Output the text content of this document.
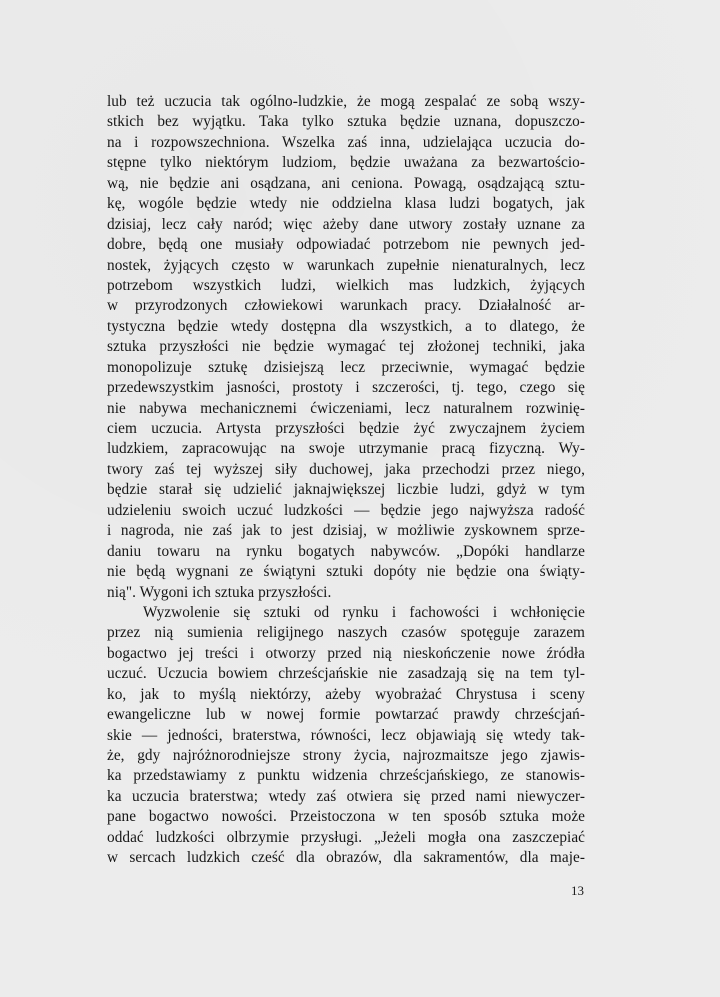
lub też uczucia tak ogólno-ludzkie, że mogą zespalać ze sobą wszy-
stkich bez wyjątku. Taka tylko sztuka będzie uznana, dopuszczo-
na i rozpowszechniona. Wszelka zaś inna, udzielająca uczucia do-
stępne tylko niektórym ludziom, będzie uważana za bezwartościo-
wą, nie będzie ani osądzana, ani ceniona. Powagą, osądzającą sztu-
kę, wogóle będzie wtedy nie oddzielna klasa ludzi bogatych, jak
dzisiaj, lecz cały naród; więc ażeby dane utwory zostały uznane za
dobre, będą one musiały odpowiadać potrzebom nie pewnych jed-
nostek, żyjących często w warunkach zupełnie nienaturalnych, lecz
potrzebom wszystkich ludzi, wielkich mas ludzkich, żyjących
w przyrodzonych człowiekowi warunkach pracy. Działalność ar-
tystyczna będzie wtedy dostępna dla wszystkich, a to dlatego, że
sztuka przyszłości nie będzie wymagać tej złożonej techniki, jaka
monopolizuje sztukę dzisiejszą lecz przeciwnie, wymagać będzie
przedewszystkim jasności, prostoty i szczerości, tj. tego, czego się
nie nabywa mechanicznemi ćwiczeniami, lecz naturalnem rozwinię-
ciem uczucia. Artysta przyszłości będzie żyć zwyczajnem życiem
ludzkiem, zapracowując na swoje utrzymanie pracą fizyczną. Wy-
twory zaś tej wyższej siły duchowej, jaka przechodzi przez niego,
będzie starał się udzielić jaknajwiększej liczbie ludzi, gdyż w tym
udzieleniu swoich uczuć ludzkości — będzie jego najwyższa radość
i nagroda, nie zaś jak to jest dzisiaj, w możliwie zyskownem sprze-
daniu towaru na rynku bogatych nabywców. „Dopóki handlarze
nie będą wygnani ze świątyni sztuki dopóty nie będzie ona świąty-
nią". Wygoni ich sztuka przyszłości.
Wyzwolenie się sztuki od rynku i fachowości i wchłonięcie
przez nią sumienia religijnego naszych czasów spotęguje zarazem
bogactwo jej treści i otworzy przed nią nieskończenie nowe źródła
uczuć. Uczucia bowiem chrześcjańskie nie zasadzają się na tem tyl-
ko, jak to myślą niektórzy, ażeby wyobrażać Chrystusa i sceny
ewangeliczne lub w nowej formie powtarzać prawdy chrześcjań-
skie — jedności, braterstwa, równości, lecz objawiają się wtedy tak-
że, gdy najróżnorodniejsze strony życia, najrozmaitsze jego zjawis-
ka przedstawiamy z punktu widzenia chrześcjańskiego, ze stanowis-
ka uczucia braterstwa; wtedy zaś otwiera się przed nami niewyczer-
pane bogactwo nowości. Przeistoczona w ten sposób sztuka może
oddać ludzkości olbrzymie przysługi. „Jeżeli mogła ona zaszczepiać
w sercach ludzkich cześć dla obrazów, dla sakramentów, dla maje-
13
